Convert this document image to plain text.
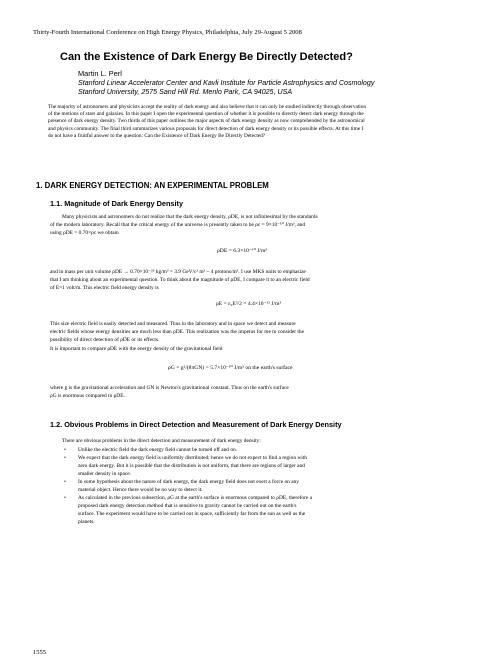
Thirty-Fourth International Conference on High Energy Physics, Philadelphia, July 29-August 5 2008
Can the Existence of Dark Energy Be Directly Detected?
Martin L. Perl
Stanford Linear Accelerator Center and Kavli Institute for Particle Astrophysics and Cosmology
Stanford University, 2575 Sand Hill Rd. Menlo Park, CA 94025, USA
The majority of astronomers and physicists accept the reality of dark energy and also believe that it can only be studied indirectly through observation
of the motions of stars and galaxies. In this paper I open the experimental question of whether it is possible to directly detect dark energy through the
presence of dark energy density. Two thirds of this paper outlines the major aspects of dark energy density as now comprehended by the astronomical
and physics community. The final third summarizes various proposals for direct detection of dark energy density or its possible effects. At this time I
do not have a fruitful answer to the question: Can the Existence of Dark Energy Be Directly Detected?
1. DARK ENERGY DETECTION: AN EXPERIMENTAL PROBLEM
1.1. Magnitude of Dark Energy Density
Many physicists and astronomers do not realize that the dark energy density, ρDE, is not infinitesimal by the standards
of the modern laboratory. Recall that the critical energy of the universe is presently taken to be ρc = 9×10⁻¹⁰ J/m³, and
using ρDE = 0.70×ρc we obtain
ρDE = 6.3×10⁻¹⁰ J/m³
and in mass per unit volume ρDE → 0.70×10⁻²⁶ kg/m³ = 3.9 GeV/c² m³ ~ 4 protons/m³. I use MKS units to emphasize
that I am thinking about an experimental question. To think about the magnitude of ρDE, I compare it to an electric field
of E=1 volt/m. This electric field energy density is
ρE = ε₀E²/2 = 4.4×10⁻¹² J/m³
This size electric field is easily detected and measured. Thus in the laboratory and in space we detect and measure
electric fields whose energy densities are much less than ρDE. This realization was the impetus for me to consider the
possibility of direct detection of ρDE or its effects.
It is important to compare ρDE with the energy density of the gravitational field
ρG = g²/(8πGN) = 5.7×10⁻¹⁰ J/m³ on the earth's surface
where g is the gravitational acceleration and GN is Newton's gravitational constant. Thus on the earth's surface
ρG is enormous compared to ρDE.
1.2. Obvious Problems in Direct Detection and Measurement of Dark Energy Density
There are obvious problems in the direct detection and measurement of dark energy density:
• Unlike the electric field the dark energy field cannot be turned off and on.
• We expect that the dark energy field is uniformly distributed; hence we do not expect to find a region with
zero dark energy. But it is possible that the distribution is not uniform, that there are regions of larger and
smaller density in space.
• In some hypothesis about the nature of dark energy, the dark energy field does not exert a force on any
material object. Hence there would be no way to detect it.
• As calculated in the previous subsection, ρG at the earth's surface is enormous compared to ρDE, therefore a
proposed dark energy detection method that is sensitive to gravity cannot be carried out on the earth's
surface. The experiment would have to be carried out in space, sufficiently far from the sun as well as the
planets.
1555
